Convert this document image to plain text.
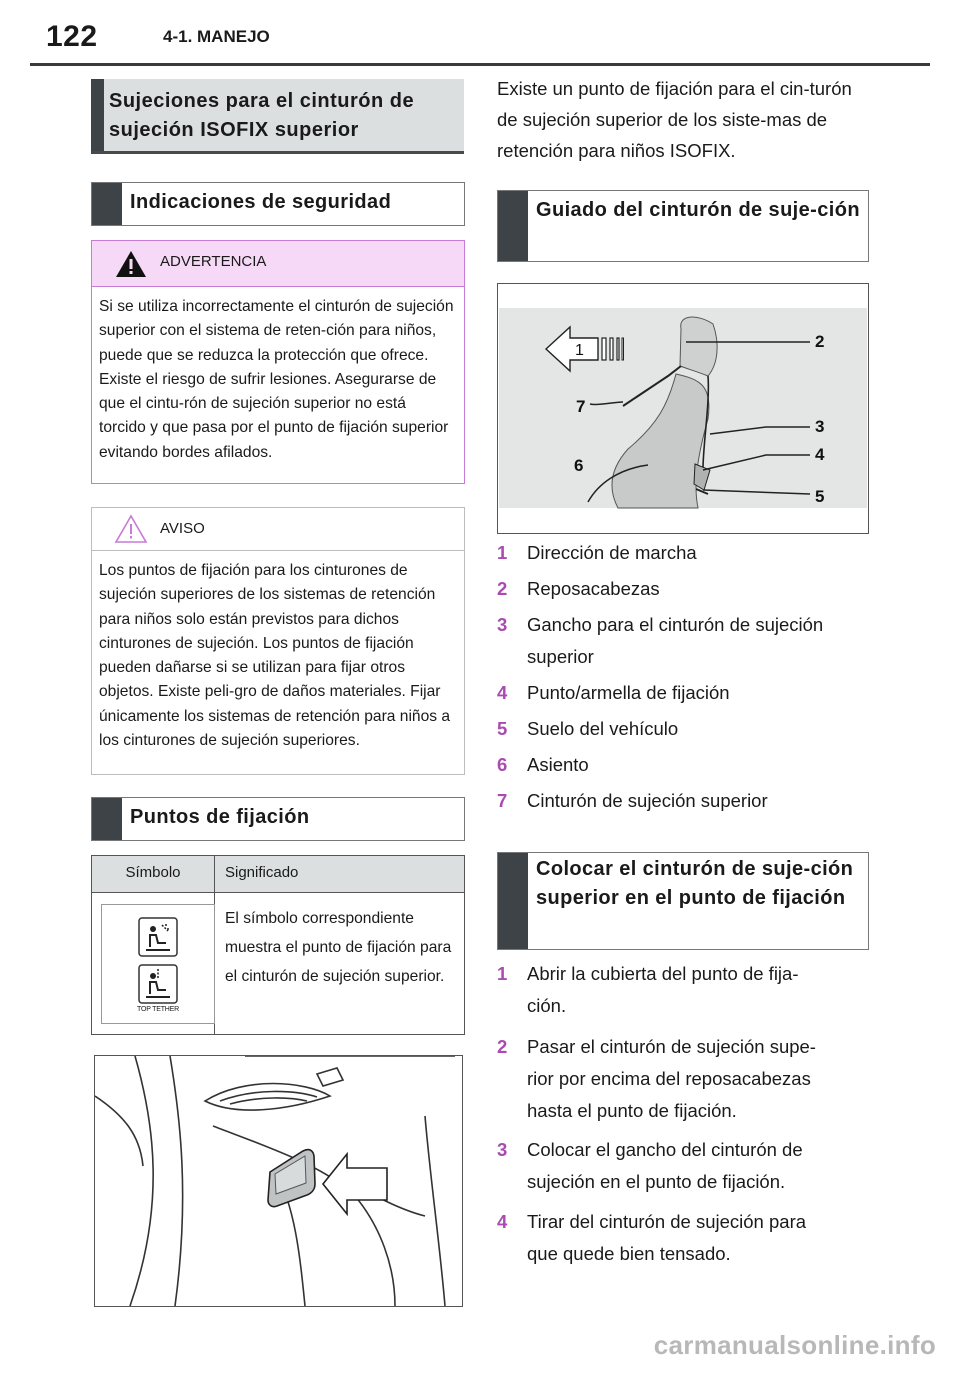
122	4-1. MANEJO
Sujeciones para el cinturón de sujeción ISOFIX superior
Indicaciones de seguridad
ADVERTENCIA
Si se utiliza incorrectamente el cinturón de sujeción superior con el sistema de reten-ción para niños, puede que se reduzca la protección que ofrece. Existe el riesgo de sufrir lesiones. Asegurarse de que el cintu-rón de sujeción superior no está torcido y que pasa por el punto de fijación superior evitando bordes afilados.
AVISO
Los puntos de fijación para los cinturones de sujeción superiores de los sistemas de retención para niños solo están previstos para dichos cinturones de sujeción. Los puntos de fijación pueden dañarse si se utilizan para fijar otros objetos. Existe peli-gro de daños materiales. Fijar únicamente los sistemas de retención para niños a los cinturones de sujeción superiores.
Puntos de fijación
Símbolo	Significado
TOP TETHER
El símbolo correspondiente muestra el punto de fijación para el cinturón de sujeción superior.
Existe un punto de fijación para el cin-turón de sujeción superior de los siste-mas de retención para niños ISOFIX.
Guiado del cinturón de suje-ción
1	2
3
4
5
6
7
1 Dirección de marcha
2 Reposacabezas
3 Gancho para el cinturón de sujeción superior
4 Punto/armella de fijación
5 Suelo del vehículo
6 Asiento
7 Cinturón de sujeción superior
Colocar el cinturón de suje-ción superior en el punto de fijación
1 Abrir la cubierta del punto de fija-ción.
2 Pasar el cinturón de sujeción supe-rior por encima del reposacabezas hasta el punto de fijación.
3 Colocar el gancho del cinturón de sujeción en el punto de fijación.
4 Tirar del cinturón de sujeción para que quede bien tensado.
carmanualsonline.info
